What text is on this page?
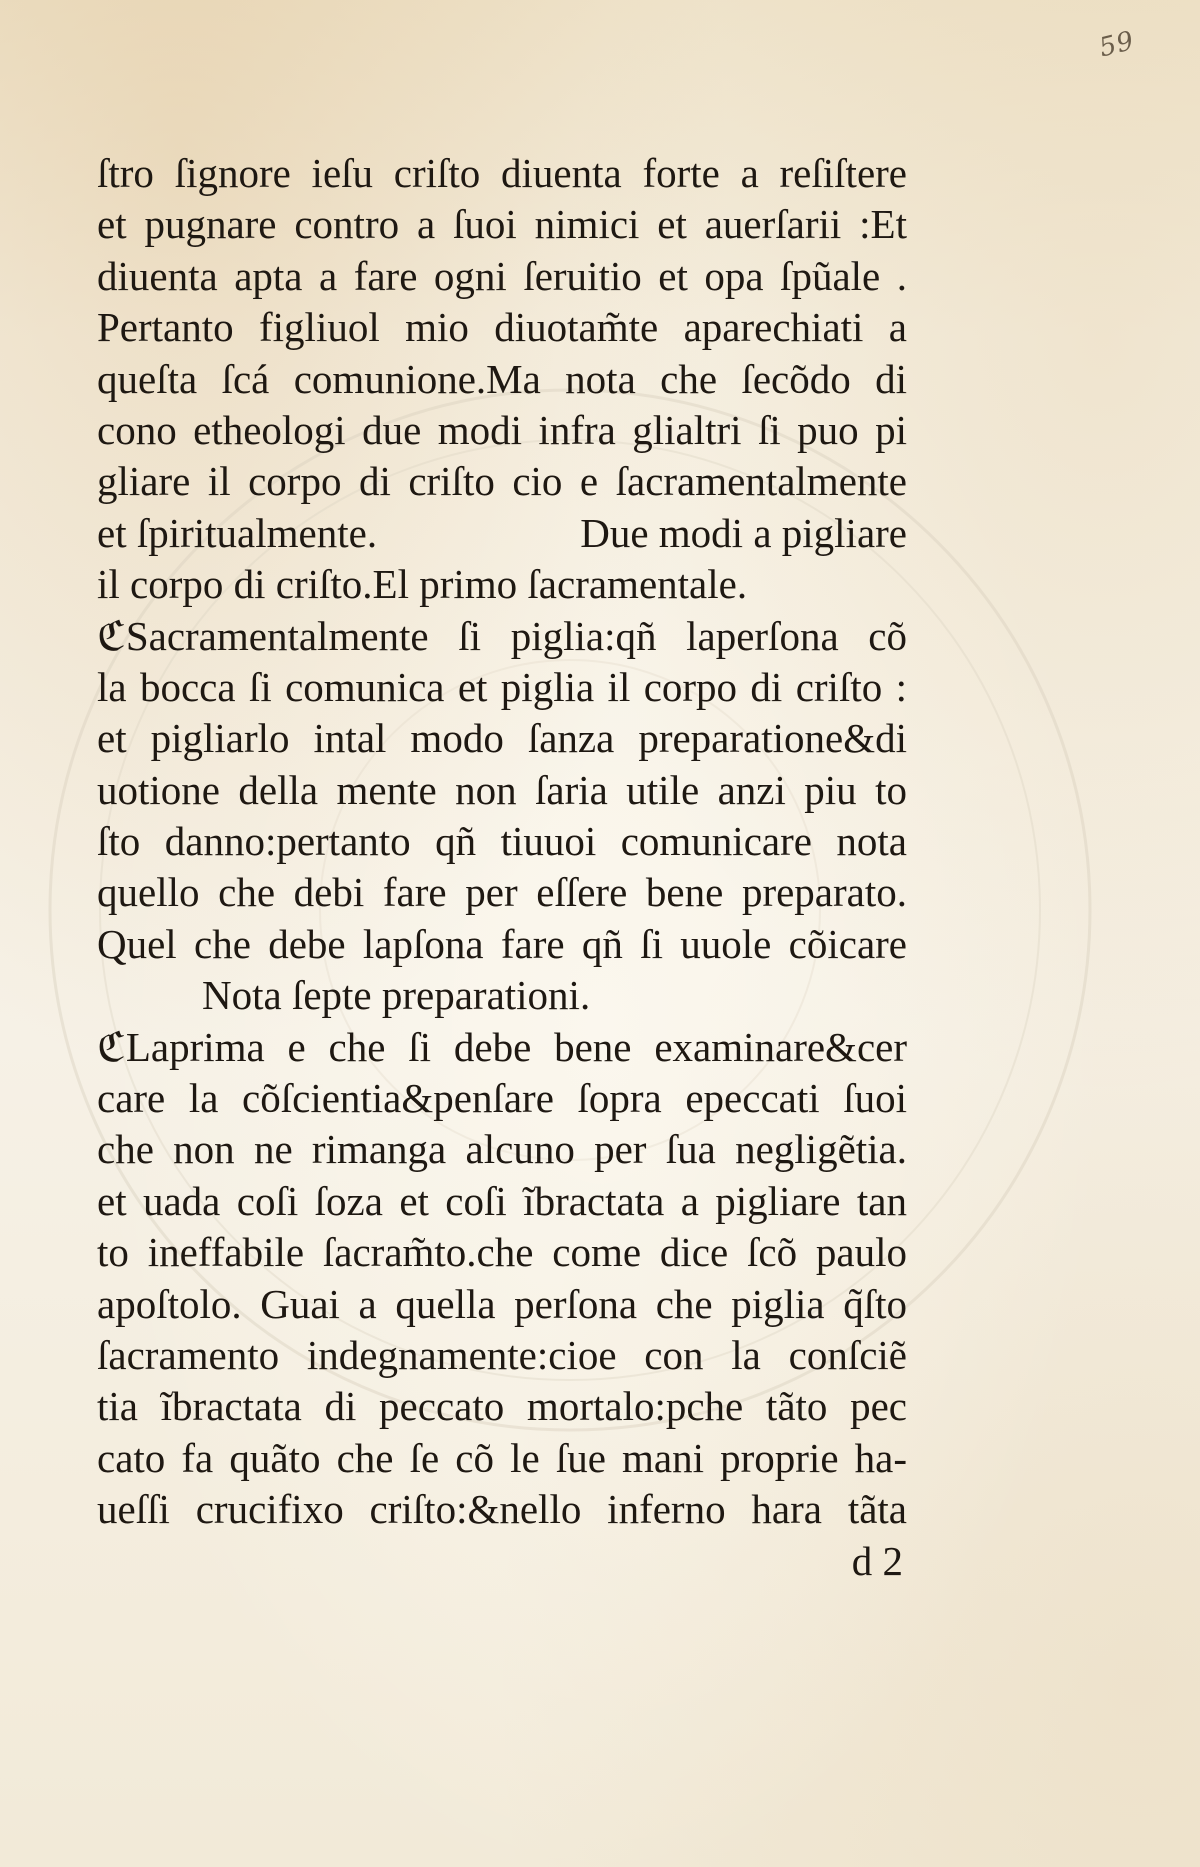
59
ſtro ſignore ieſu criſto diuenta forte a reſiſtere
et pugnare contro a ſuoi nimici et auerſarii :Et
diuenta apta a fare ogni ſeruitio et opa ſpũale .
Pertanto figliuol mio diuotam̃te aparechiati a
queſta ſcá comunione.Ma nota che ſecõdo di
cono etheologi due modi infra glialtri ſi puo pi
gliare il corpo di criſto cio e ſacramentalmente
et ſpiritualmente.	Due modi a pigliare
il corpo di criſto.El primo ſacramentale.
ℭSacramentalmente ſi piglia:qñ laperſona cõ
la bocca ſi comunica et piglia il corpo di criſto :
et pigliarlo intal modo ſanza preparatione&di
uotione della mente non ſaria utile anzi piu to
ſto danno:pertanto qñ tiuuoi comunicare nota
quello che debi fare per eſſere bene preparato.
Quel che debe lapſona fare qñ ſi uuole cõicare
Nota ſepte preparationi.
ℭLaprima e che ſi debe bene examinare&cer
care la cõſcientia&penſare ſopra epeccati ſuoi
che non ne rimanga alcuno per ſua negligẽtia.
et uada coſi ſoza et coſi ĩbractata a pigliare tan
to ineffabile ſacram̃to.che come dice ſcõ paulo
apoſtolo. Guai a quella perſona che piglia q̃ſto
ſacramento indegnamente:cioe con la conſciẽ
tia ĩbractata di peccato mortalo:pche tãto pec
cato fa quãto che ſe cõ le ſue mani proprie ha-
ueſſi crucifixo criſto:&nello inferno hara tãta
d 2
